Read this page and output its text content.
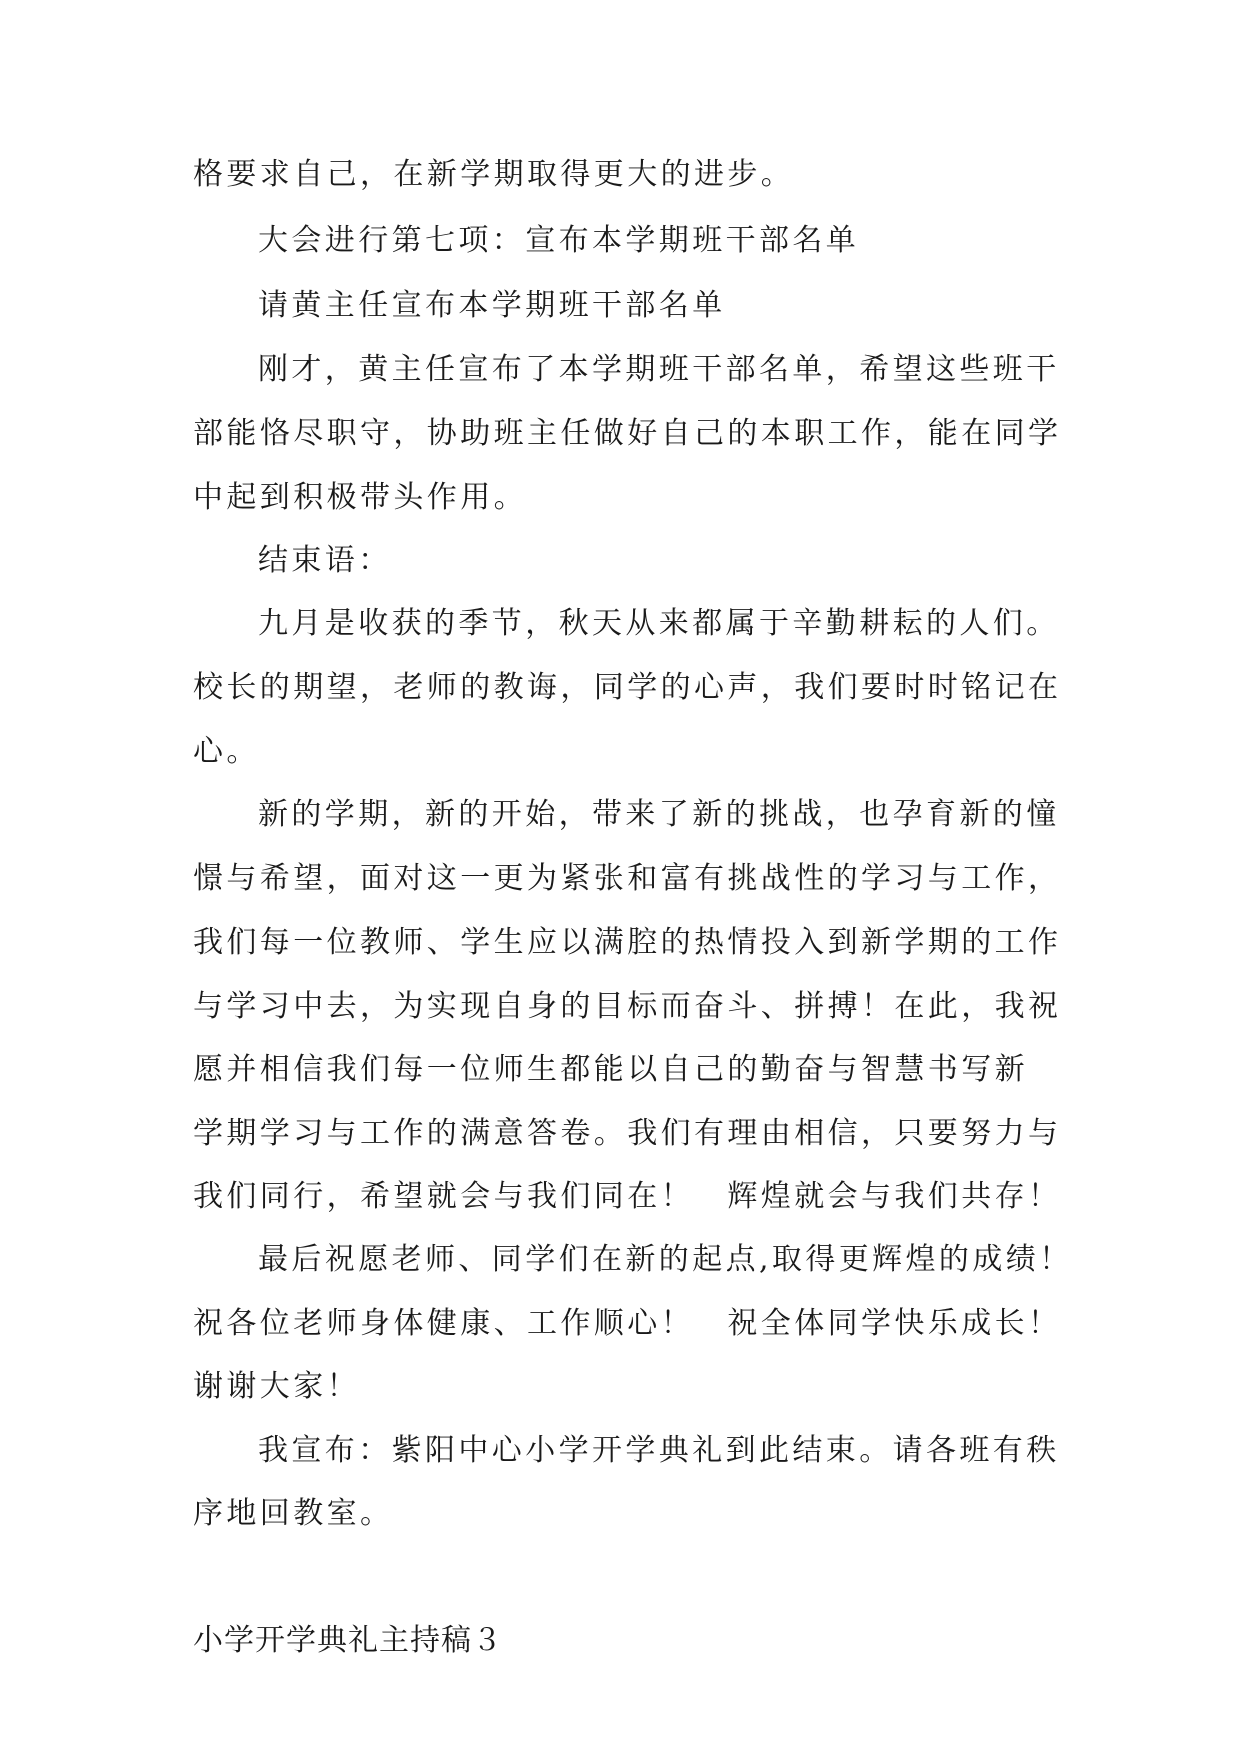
格要求自己，在新学期取得更大的进步。
大会进行第七项：宣布本学期班干部名单
请黄主任宣布本学期班干部名单
刚才，黄主任宣布了本学期班干部名单，希望这些班干
部能恪尽职守，协助班主任做好自己的本职工作，能在同学
中起到积极带头作用。
结束语：
九月是收获的季节，秋天从来都属于辛勤耕耘的人们。
校长的期望，老师的教诲，同学的心声，我们要时时铭记在
心。
新的学期，新的开始，带来了新的挑战，也孕育新的憧
憬与希望，面对这一更为紧张和富有挑战性的学习与工作，
我们每一位教师、学生应以满腔的热情投入到新学期的工作
与学习中去，为实现自身的目标而奋斗、拼搏！在此，我祝
愿并相信我们每一位师生都能以自己的勤奋与智慧书写新
学期学习与工作的满意答卷。我们有理由相信，只要努力与
我们同行，希望就会与我们同在！　辉煌就会与我们共存！
最后祝愿老师、同学们在新的起点,取得更辉煌的成绩！
祝各位老师身体健康、工作顺心！　祝全体同学快乐成长！
谢谢大家！
我宣布：紫阳中心小学开学典礼到此结束。请各班有秩
序地回教室。
小学开学典礼主持稿３
